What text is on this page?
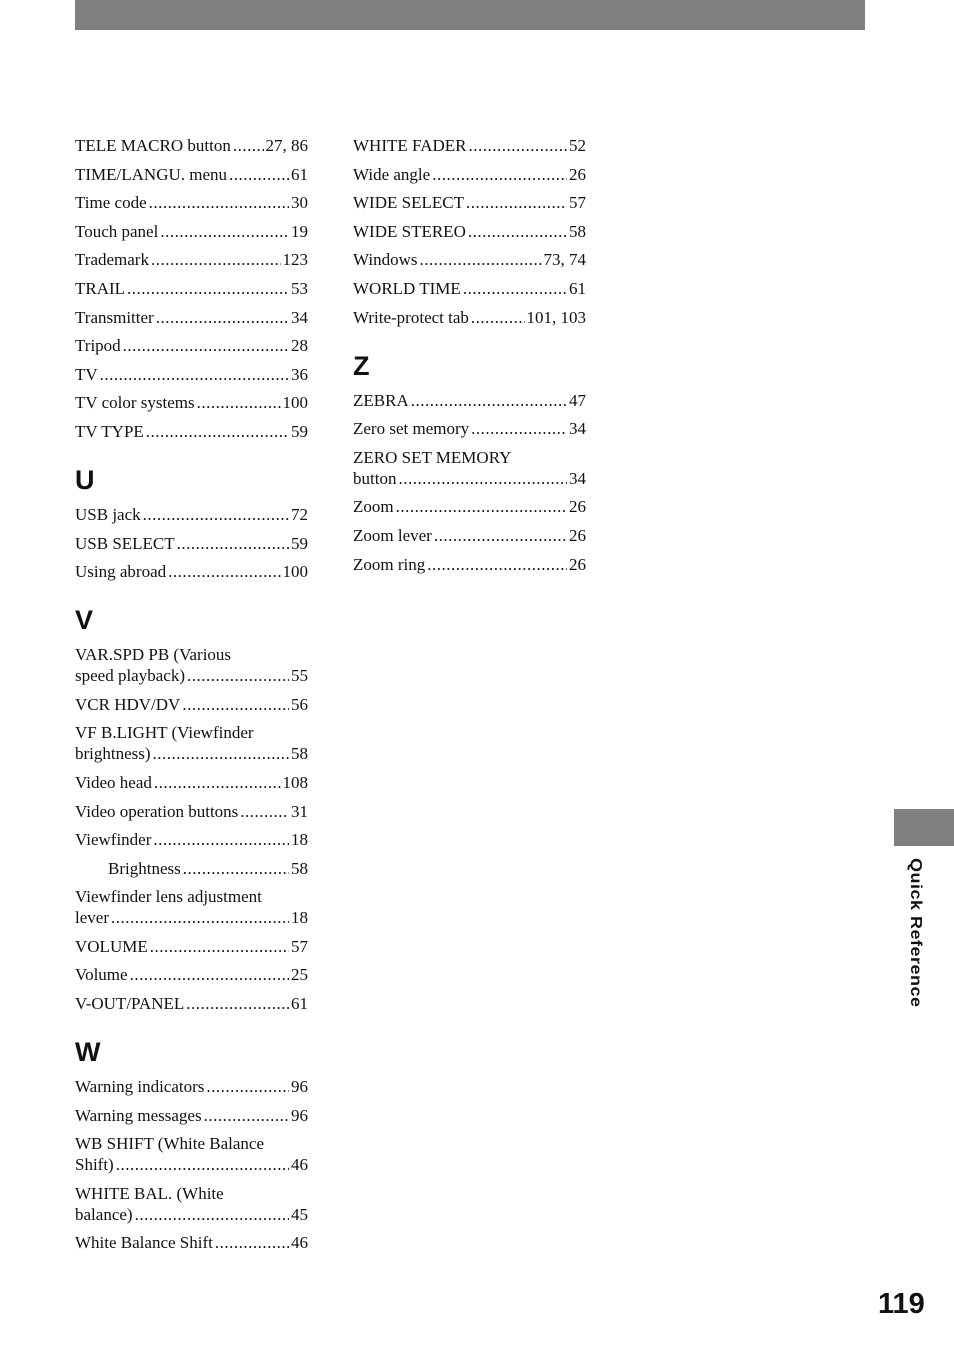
TELE MACRO button ..... 27, 86
TIME/LANGU. menu .....	61
Time code .....	30
Touch panel .....	19
Trademark .....	123
TRAIL .....	53
Transmitter .....	34
Tripod .....	28
TV .....	36
TV color systems .....	100
TV TYPE .....	59
U
USB jack .....	72
USB SELECT .....	59
Using abroad .....	100
V
VAR.SPD PB (Various
speed playback) .....	55
VCR HDV/DV .....	56
VF B.LIGHT (Viewfinder
brightness) .....	58
Video head .....	108
Video operation buttons .....	31
Viewfinder .....	18
Brightness .....	58
Viewfinder lens adjustment
lever .....	18
VOLUME .....	57
Volume .....	25
V-OUT/PANEL .....	61
W
Warning indicators .....	96
Warning messages .....	96
WB SHIFT (White Balance
Shift) .....	46
WHITE BAL. (White
balance) .....	45
White Balance Shift .....	46
WHITE FADER .....	52
Wide angle .....	26
WIDE SELECT .....	57
WIDE STEREO .....	58
Windows .....	73, 74
WORLD TIME .....	61
Write-protect tab .....	101, 103
Z
ZEBRA .....	47
Zero set memory .....	34
ZERO SET MEMORY
button .....	34
Zoom .....	26
Zoom lever .....	26
Zoom ring .....	26
Quick Reference
119
